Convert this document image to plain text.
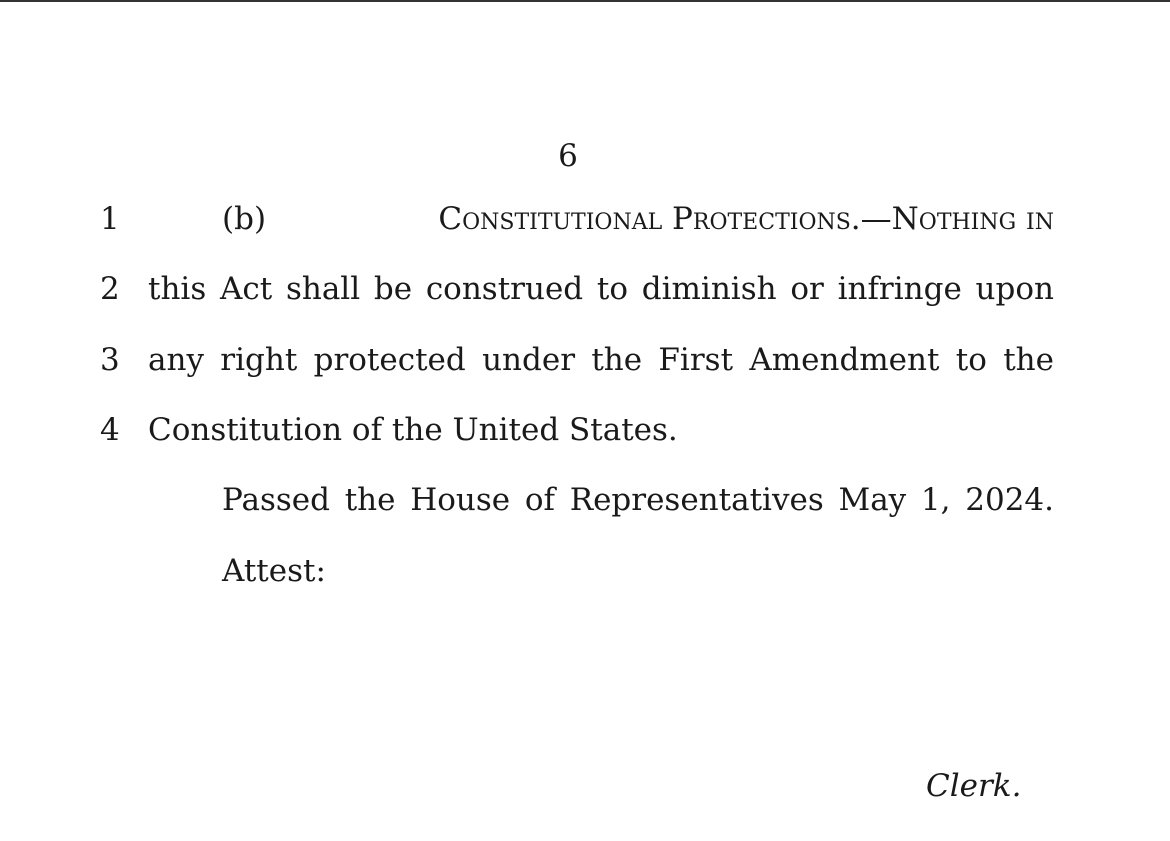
6
1	(b)	Constitutional Protections.—Nothing in
2 this Act shall be construed to diminish or infringe upon
3 any right protected under the First Amendment to the
4 Constitution of the United States.
Passed the House of Representatives May 1, 2024.
Attest:
Clerk.
